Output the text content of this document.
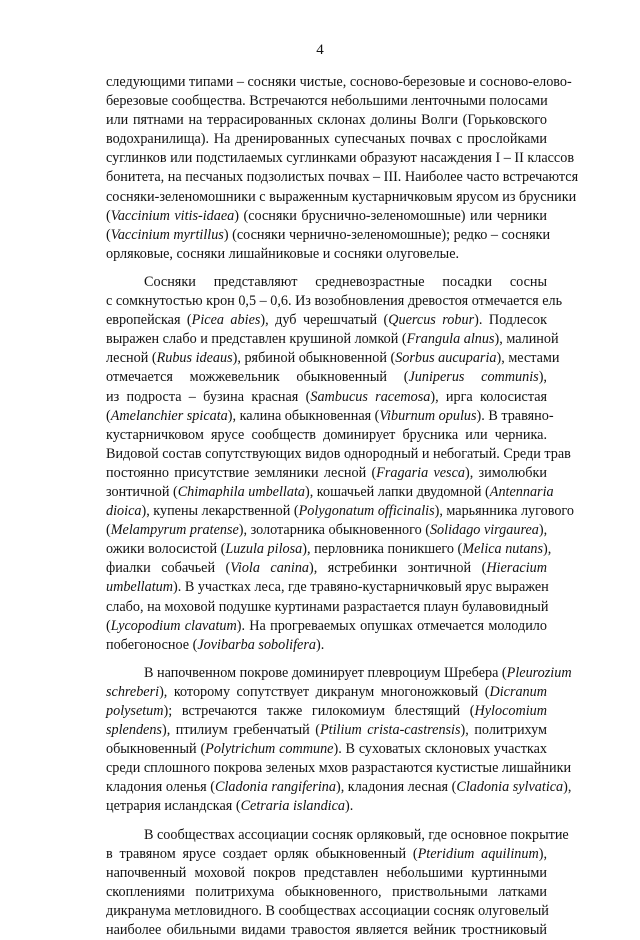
4

следующими типами – сосняки чистые, сосново-березовые и сосново-елово-
березовые сообщества. Встречаются небольшими ленточными полосами
или пятнами на террасированных склонах долины Волги (Горьковского
водохранилища). На дренированных супесчаных почвах с прослойками
суглинков или подстилаемых суглинками образуют насаждения I – II классов
бонитета, на песчаных подзолистых почвах – III. Наиболее часто встречаются
сосняки-зеленомошники с выраженным кустарничковым ярусом из брусники
(Vaccinium vitis-idaea) (сосняки бруснично-зеленомошные) или черники
(Vaccinium myrtillus) (сосняки чернично-зеленомошные); редко – сосняки
орляковые, сосняки лишайниковые и сосняки олуговелые.

Сосняки представляют средневозрастные посадки сосны
с сомкнутостью крон 0,5 – 0,6. Из возобновления древостоя отмечается ель
европейская (Picea abies), дуб черешчатый (Quercus robur). Подлесок
выражен слабо и представлен крушиной ломкой (Frangula alnus), малиной
лесной (Rubus ideaus), рябиной обыкновенной (Sorbus aucuparia), местами
отмечается можжевельник обыкновенный (Juniperus communis),
из подроста – бузина красная (Sambucus racemosa), ирга колосистая
(Amelanchier spicata), калина обыкновенная (Viburnum opulus). В травяно-
кустарничковом ярусе сообществ доминирует брусника или черника.
Видовой состав сопутствующих видов однородный и небогатый. Среди трав
постоянно присутствие земляники лесной (Fragaria vesca), зимолюбки
зонтичной (Chimaphila umbellata), кошачьей лапки двудомной (Antennaria
dioica), купены лекарственной (Polygonatum officinalis), марьянника лугового
(Melampyrum pratense), золотарника обыкновенного (Solidago virgaurea),
ожики волосистой (Luzula pilosa), перловника поникшего (Melica nutans),
фиалки собачьей (Viola canina), ястребинки зонтичной (Hieracium
umbellatum). В участках леса, где травяно-кустарничковый ярус выражен
слабо, на моховой подушке куртинами разрастается плаун булавовидный
(Lycopodium clavatum). На прогреваемых опушках отмечается молодило
побегоносное (Jovibarba sobolifera).

В напочвенном покрове доминирует плевроциум Шребера (Pleurozium
schreberi), которому сопутствует дикранум многоножковый (Dicranum
polysetum); встречаются также гилокомиум блестящий (Hylocomium
splendens), птилиум гребенчатый (Ptilium crista-castrensis), политрихум
обыкновенный (Polytrichum commune). В суховатых склоновых участках
среди сплошного покрова зеленых мхов разрастаются кустистые лишайники
кладония оленья (Cladonia rangiferina), кладония лесная (Cladonia sylvatica),
цетрария исландская (Cetraria islandica).

В сообществах ассоциации сосняк орляковый, где основное покрытие
в травяном ярусе создает орляк обыкновенный (Pteridium aquilinum),
напочвенный моховой покров представлен небольшими куртинными
скоплениями политрихума обыкновенного, приствольными латками
дикранума метловидного. В сообществах ассоциации сосняк олуговелый
наиболее обильными видами травостоя является вейник тростниковый
